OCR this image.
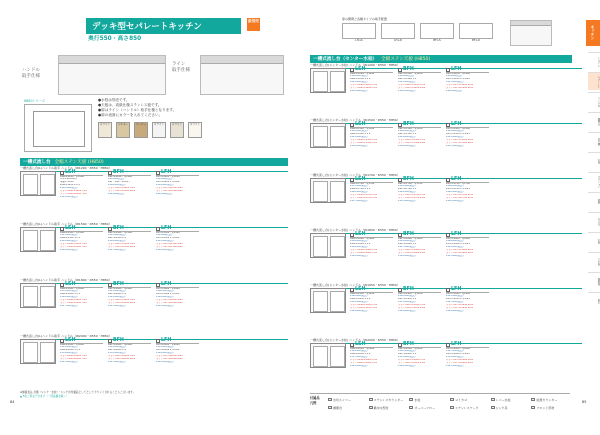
デッキ型セパレートキッチン
新発売
奥行550・高さ850
ハンドル
取手仕様
ライン
取手仕様
H850シリーズ	●水栓は別売です。
●天板は、高級仕様ステンレス板です。
●扉はライン（ハンドル）取手仕様となります。
●扉の表面にカラーを入れてください。
ホワイト	シルキー	ベージュ	ホワイト	ホワイト	ホワイト
一槽式流し台 全幅ステン天板 (H850)
一槽式流し台(L)ハンドル取手 ハンドル（W1200・D550・H850）
LSH
DLRHL1200・全1200
U:4 8,00,000円
単価-E:1200
ZLRHL1200 4 2 4
¥110,000(税込)
カラー:DLRHL1800 FMS
ライン DLRHL1800 FMS
¥101,000(税込)
BFH
DBFHL1200・全1200
¥95,000(税込)
DBF・BSE・2200円
¥108,000(税込)
カラー:DBFHL1800 FMS
ライン DBFHL1200 ZMS
¥99,000(税込)
LFH
DLFHL1200・全1200
¥90,000(税込)
DLFHL1200 2 4 ZMS
¥104,000(税込)
カラー:DLFHL1200 ZMS
ライン DLFHL1200 ZMS
¥96,000(税込)
一槽式流し台(L)ハンドル取手 ハンドル（W1500・D550・H850）
LSH
DLRHL1500・全1500
¥125,000(税込)
DLRHL1500 4 2 4
¥118,000(税込)
カラー:DLRHL1500 FMS
ライン DLRHL1500 FMS
¥109,000(税込)
BFH
DBFHL1500・全1500
¥103,000(税込)
DBFHL1500 2 4
¥116,000(税込)
カラー:DBFHL1500 FMS
ライン DBFHL1500 ZMS
¥107,000(税込)
LFH
DLFHL1500・全1500
¥98,000(税込)
DLFHL1500 2 4 ZMS
¥112,000(税込)
カラー:DLFHL1500 ZMS
ライン DLFHL1500 ZMS
¥104,000(税込)
一槽式流し台(L)ハンドル取手 ハンドル（W1800・D550・H850）
LSH
DLRHL1800・全1800
¥133,000(税込)
DLRHL1800 4 2 4
¥126,000(税込)
カラー:DLRHL1800 FMS
ライン DLRHL1800 FMS
¥117,000(税込)
BFH
DBFHL1800・全1800
¥111,000(税込)
DBFHL1800 2 4
¥124,000(税込)
カラー:DBFHL1800 FMS
ライン DBFHL1800 ZMS
¥115,000(税込)
LFH
DLFHL1800・全1800
¥106,000(税込)
DLFHL1800 2 4 ZMS
¥120,000(税込)
カラー:DLFHL1800 ZMS
ライン DLFHL1800 ZMS
¥112,000(税込)
一槽式流し台(L)ハンドル取手 ハンドル（W2000・D550・H850）
LSH
DLRHL2000・全2000
¥141,000(税込)
DLRHL2000 4 2 4
¥134,000(税込)
カラー:DLRHL2000 FMS
ライン DLRHL2000 FMS
¥125,000(税込)
BFH
DBFHL2000・全2000
¥119,000(税込)
DBFHL2000 2 4
¥132,000(税込)
カラー:DBFHL2000 FMS
ライン DBFHL2000 ZMS
¥123,000(税込)
LFH
DLFHL2000・全2000
¥114,000(税込)
DLFHL2000 2 4 ZMS
¥128,000(税込)
カラー:DLFHL2000 ZMS
ライン DLFHL2000 ZMS
¥120,000(税込)
※価格表は 共通（シンク・水栓）・シンクが付属品としてとしてカウントされることもございます。
▲ 5色ご用意できます（一部品番を除く）
84
扉の開閉と各種タイプの取手配置
LH-LS	LH-LD	BF-LS	BF-LD
一槽式流し台（センター水栓） 全幅ステン天板 (H850)
一槽式流し台(センター水栓) ハンドル（W1200・D550・H850）
LSH
DLRHC1200・全1200
¥108,000(税込)
DLRHC1200 4 2 4
¥121,000(税込)
カラー:DLRHC1200 FMS
ライン DLRHC1200 FMS
¥112,000(税込)
BFH
DBFHC1200・全1200
¥98,000(税込)
DBFHC1200 2 4
¥111,000(税込)
カラー:DBFHC1200 FMS
ライン DBFHC1200 ZMS
¥102,000(税込)
LFH
DLFHC1200・全1200
¥93,000(税込)
DLFHC1200 2 4 ZMS
¥107,000(税込)
カラー:DLFHC1200 ZMS
ライン DLFHC1200 ZMS
¥99,000(税込)
一槽式流し台(センター水栓) ハンドル（W1500・D550・H850）
LSH
DLRHC1500・全1500
¥128,000(税込)
DLRHC1500 4 2 4
¥121,000(税込)
カラー:DLRHC1500 FMS
ライン DLRHC1500 FMS
¥112,000(税込)
BFH
DBFHC1500・全1500
¥106,000(税込)
DBFHC1500 2 4
¥119,000(税込)
カラー:DBFHC1500 FMS
ライン DBFHC1500 ZMS
¥110,000(税込)
LFH
DLFHC1500・全1500
¥101,000(税込)
DLFHC1500 2 4 ZMS
¥115,000(税込)
カラー:DLFHC1500 ZMS
ライン DLFHC1500 ZMS
¥107,000(税込)
一槽式流し台(センター水栓) ハンドル（W1700・D550・H850）
LSH
DLRHC1700・全1700
¥133,000(税込)
DLRHC1700 4 2 4
¥126,000(税込)
カラー:DLRHC1700 FMS
ライン DLRHC1700 FMS
¥117,000(税込)
BFH
DBFHC1700・全1700
¥111,000(税込)
DBFHC1700 2 4
¥124,000(税込)
カラー:DBFHC1700 FMS
ライン DBFHC1700 ZMS
¥115,000(税込)
LFH
DLFHC1700・全1700
¥106,000(税込)
DLFHC1700 2 4 ZMS
¥120,000(税込)
カラー:DLFHC1700 ZMS
ライン DLFHC1700 ZMS
¥112,000(税込)
一槽式流し台(センター水栓) ハンドル（W1800・D550・H850）
LSH
DLRHC1800・全1800
¥136,000(税込)
DLRHC1800 4 2 4
¥129,000(税込)
カラー:DLRHC1800 FMS
ライン DLRHC1800 FMS
¥120,000(税込)
BFH
DBFHC1800・全1800
¥114,000(税込)
DBFHC1800 2 4
¥127,000(税込)
カラー:DBFHC1800 FMS
ライン DBFHC1800 ZMS
¥118,000(税込)
LFH
DLFHC1800・全1800
¥109,000(税込)
DLFHC1800 2 4 ZMS
¥123,000(税込)
カラー:DLFHC1800 ZMS
ライン DLFHC1800 ZMS
¥115,000(税込)
一槽式流し台(センター水栓) ハンドル（W1950・D550・H850）
LSH
DLRHC1950・全1950
¥140,000(税込)
DLRHC1950 4 2 4
¥133,000(税込)
カラー:DLRHC1950 FMS
ライン DLRHC1950 FMS
¥124,000(税込)
BFH
DBFHC1950・全1950
¥118,000(税込)
DBFHC1950 2 4
¥131,000(税込)
カラー:DBFHC1950 FMS
ライン DBFHC1950 ZMS
¥122,000(税込)
LFH
DLFHC1950・全1950
¥113,000(税込)
DLFHC1950 2 4 ZMS
¥127,000(税込)
カラー:DLFHC1950 ZMS
ライン DLFHC1950 ZMS
¥119,000(税込)
一槽式流し台(センター水栓) ハンドル（W2000・D550・H850）
LSH
DLRHC2000・全2000
¥144,000(税込)
DLRHC2000 4 2 4
¥137,000(税込)
カラー:DLRHC2000 FMS
ライン DLRHC2000 FMS
¥128,000(税込)
BFH
DBFHC2000・全2000
¥122,000(税込)
DBFHC2000 2 4
¥135,000(税込)
カラー:DBFHC2000 FMS
ライン DBFHC2000 ZMS
¥126,000(税込)
LFH
DLFHC2000・全2000
¥117,000(税込)
DLFHC2000 2 4 ZMS
¥131,000(税込)
カラー:DLFHC2000 ZMS
ライン DLFHC2000 ZMS
¥123,000(税込)
キッチン
システム
セパレート
コンロ台
調理台
吊戸棚
水切
オプション
部材
ガス台
水栓
その他
価格表
索引
付属品
凡例
水切スノコー	ステンレスカウンター	水栓	ゴミカゴ	レバー水栓	給湯カウンター
調理台	横巾木型付	オーバーフロー	ステンレスワーク	シンク吊	フロント部材
85
